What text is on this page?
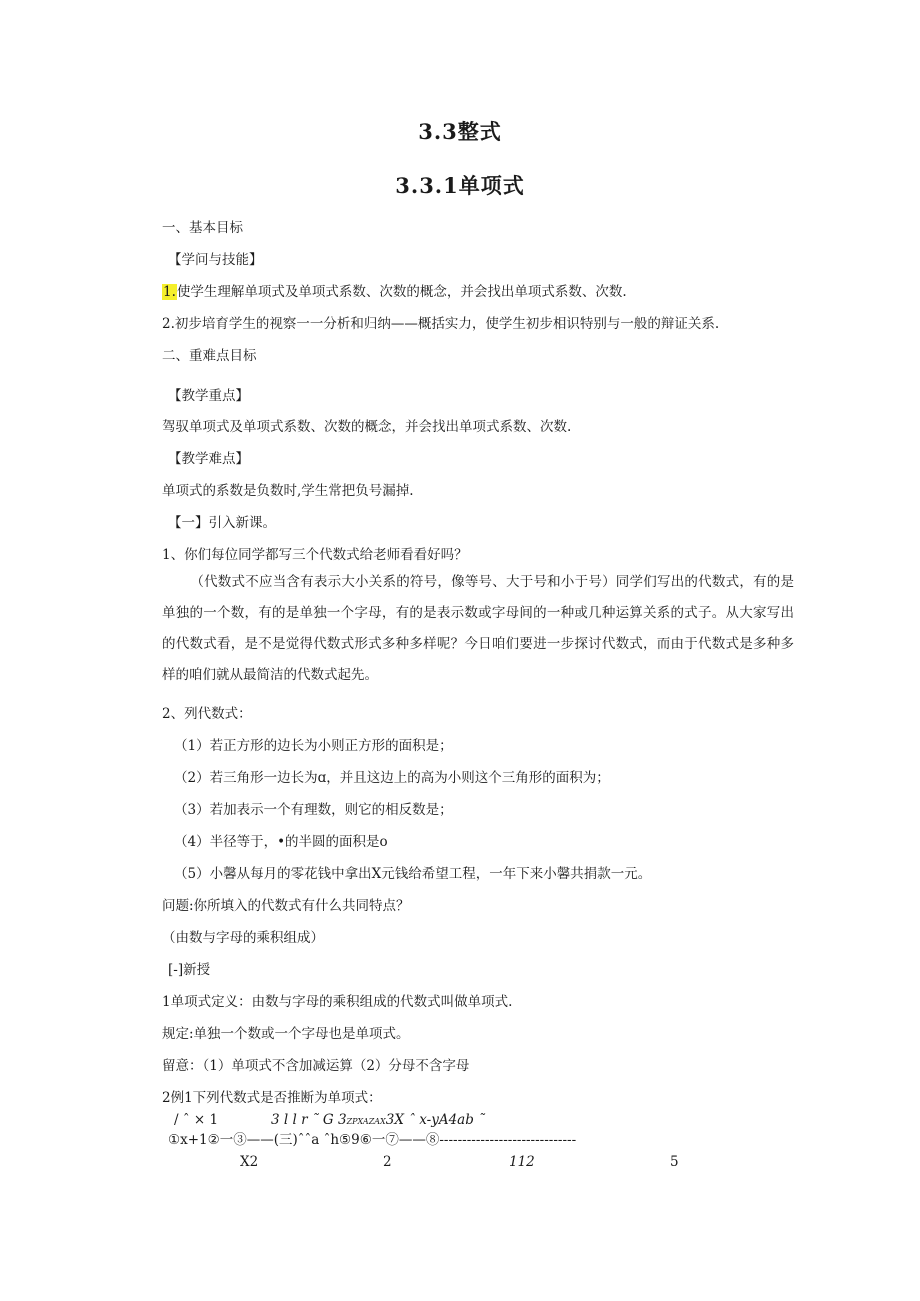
3.3整式
3.3.1单项式
一、基本目标
【学问与技能】
1.使学生理解单项式及单项式系数、次数的概念，并会找出单项式系数、次数.
2.初步培育学生的视察一一分析和归纳——概括实力，使学生初步相识特别与一般的辩证关系.
二、重难点目标
【教学重点】
驾驭单项式及单项式系数、次数的概念，并会找出单项式系数、次数.
【教学难点】
单项式的系数是负数时,学生常把负号漏掉.
【一】引入新课。
1、你们每位同学都写三个代数式给老师看看好吗？
（代数式不应当含有表示大小关系的符号，像等号、大于号和小于号）同学们写出的代数式，有的是单独的一个数，有的是单独一个字母，有的是表示数或字母间的一种或几种运算关系的式子。从大家写出的代数式看，是不是觉得代数式形式多种多样呢？今日咱们要进一步探讨代数式，而由于代数式是多种多样的咱们就从最简洁的代数式起先。
2、列代数式：
（1）若正方形的边长为小则正方形的面积是；
（2）若三角形一边长为ɑ，并且这边上的高为小则这个三角形的面积为；
（3）若加表示一个有理数，则它的相反数是；
（4）半径等于，•的半圆的面积是o
（5）小馨从每月的零花钱中拿出X元钱给希望工程，一年下来小馨共捐款一元。
问题:你所填入的代数式有什么共同特点？
（由数与字母的乘积组成）
[-]新授
1单项式定义：由数与字母的乘积组成的代数式叫做单项式.
规定:单独一个数或一个字母也是单项式。
留意：（1）单项式不含加减运算（2）分母不含字母
2例1下列代数式是否推断为单项式：
/ ˆ × 1	3 l l r ˜ G 3ZPXAZAX3X ˆ x-yA4ab ˜
①x+1②一③——(三)ˆˆa ˆh⑤9⑥一⑦——⑧------------------------------
X2	2	112	5
